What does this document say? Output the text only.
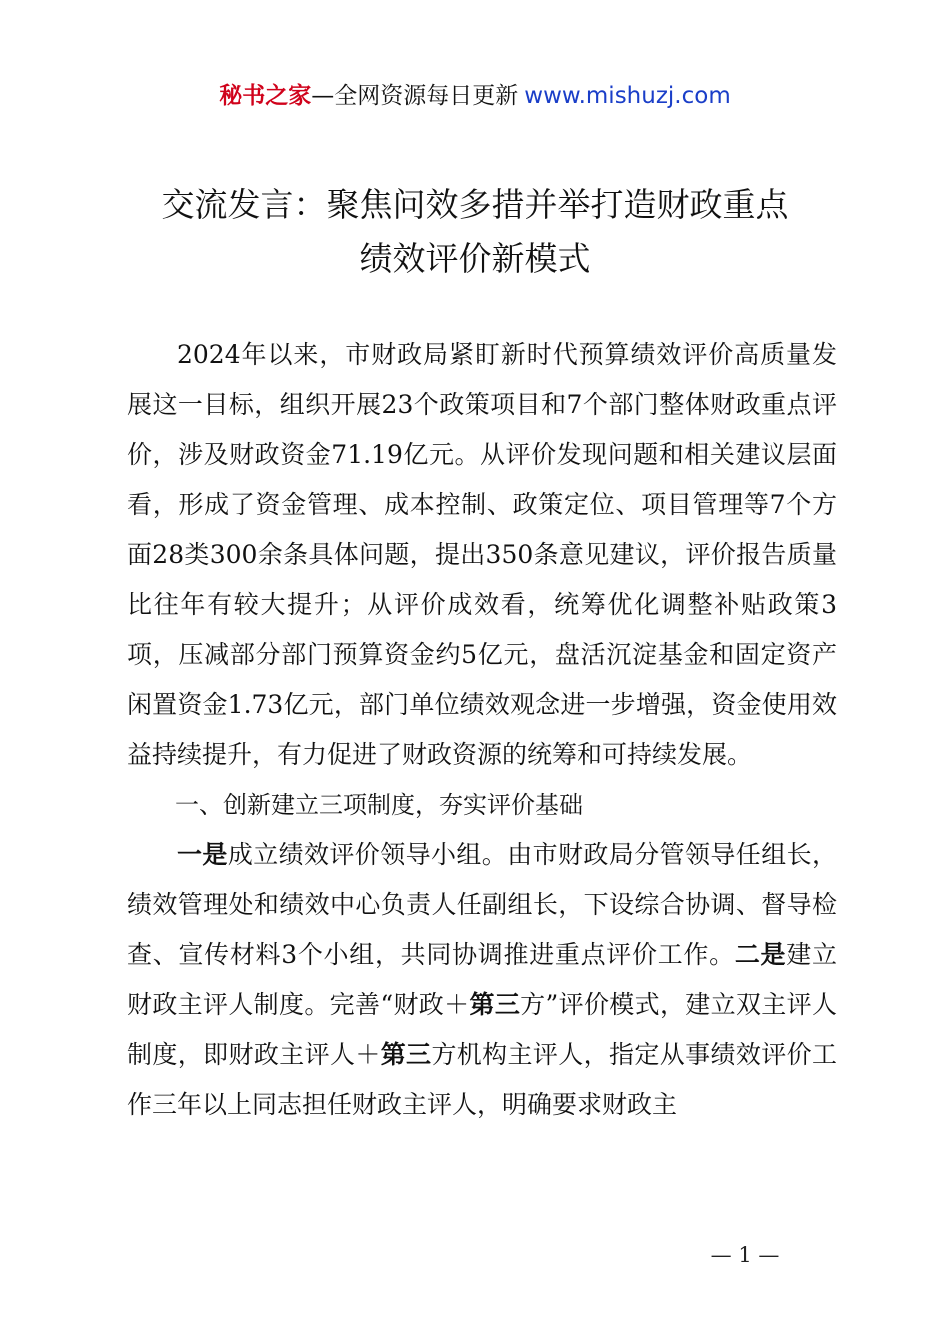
秘书之家—全网资源每日更新 www.mishuzj.com
交流发言：聚焦问效多措并举打造财政重点
绩效评价新模式

2024年以来，市财政局紧盯新时代预算绩效评价高质量发展这一目标，组织开展23个政策项目和7个部门整体财政重点评价，涉及财政资金71.19亿元。从评价发现问题和相关建议层面看，形成了资金管理、成本控制、政策定位、项目管理等7个方面28类300余条具体问题，提出350条意见建议，评价报告质量比往年有较大提升；从评价成效看，统筹优化调整补贴政策3项，压减部分部门预算资金约5亿元，盘活沉淀基金和固定资产闲置资金1.73亿元，部门单位绩效观念进一步增强，资金使用效益持续提升，有力促进了财政资源的统筹和可持续发展。

一、创新建立三项制度，夯实评价基础

一是成立绩效评价领导小组。由市财政局分管领导任组长，绩效管理处和绩效中心负责人任副组长，下设综合协调、督导检查、宣传材料3个小组，共同协调推进重点评价工作。二是建立财政主评人制度。完善“财政＋第三方”评价模式，建立双主评人制度，即财政主评人＋第三方机构主评人，指定从事绩效评价工作三年以上同志担任财政主评人，明确要求财政主

— 1 —
